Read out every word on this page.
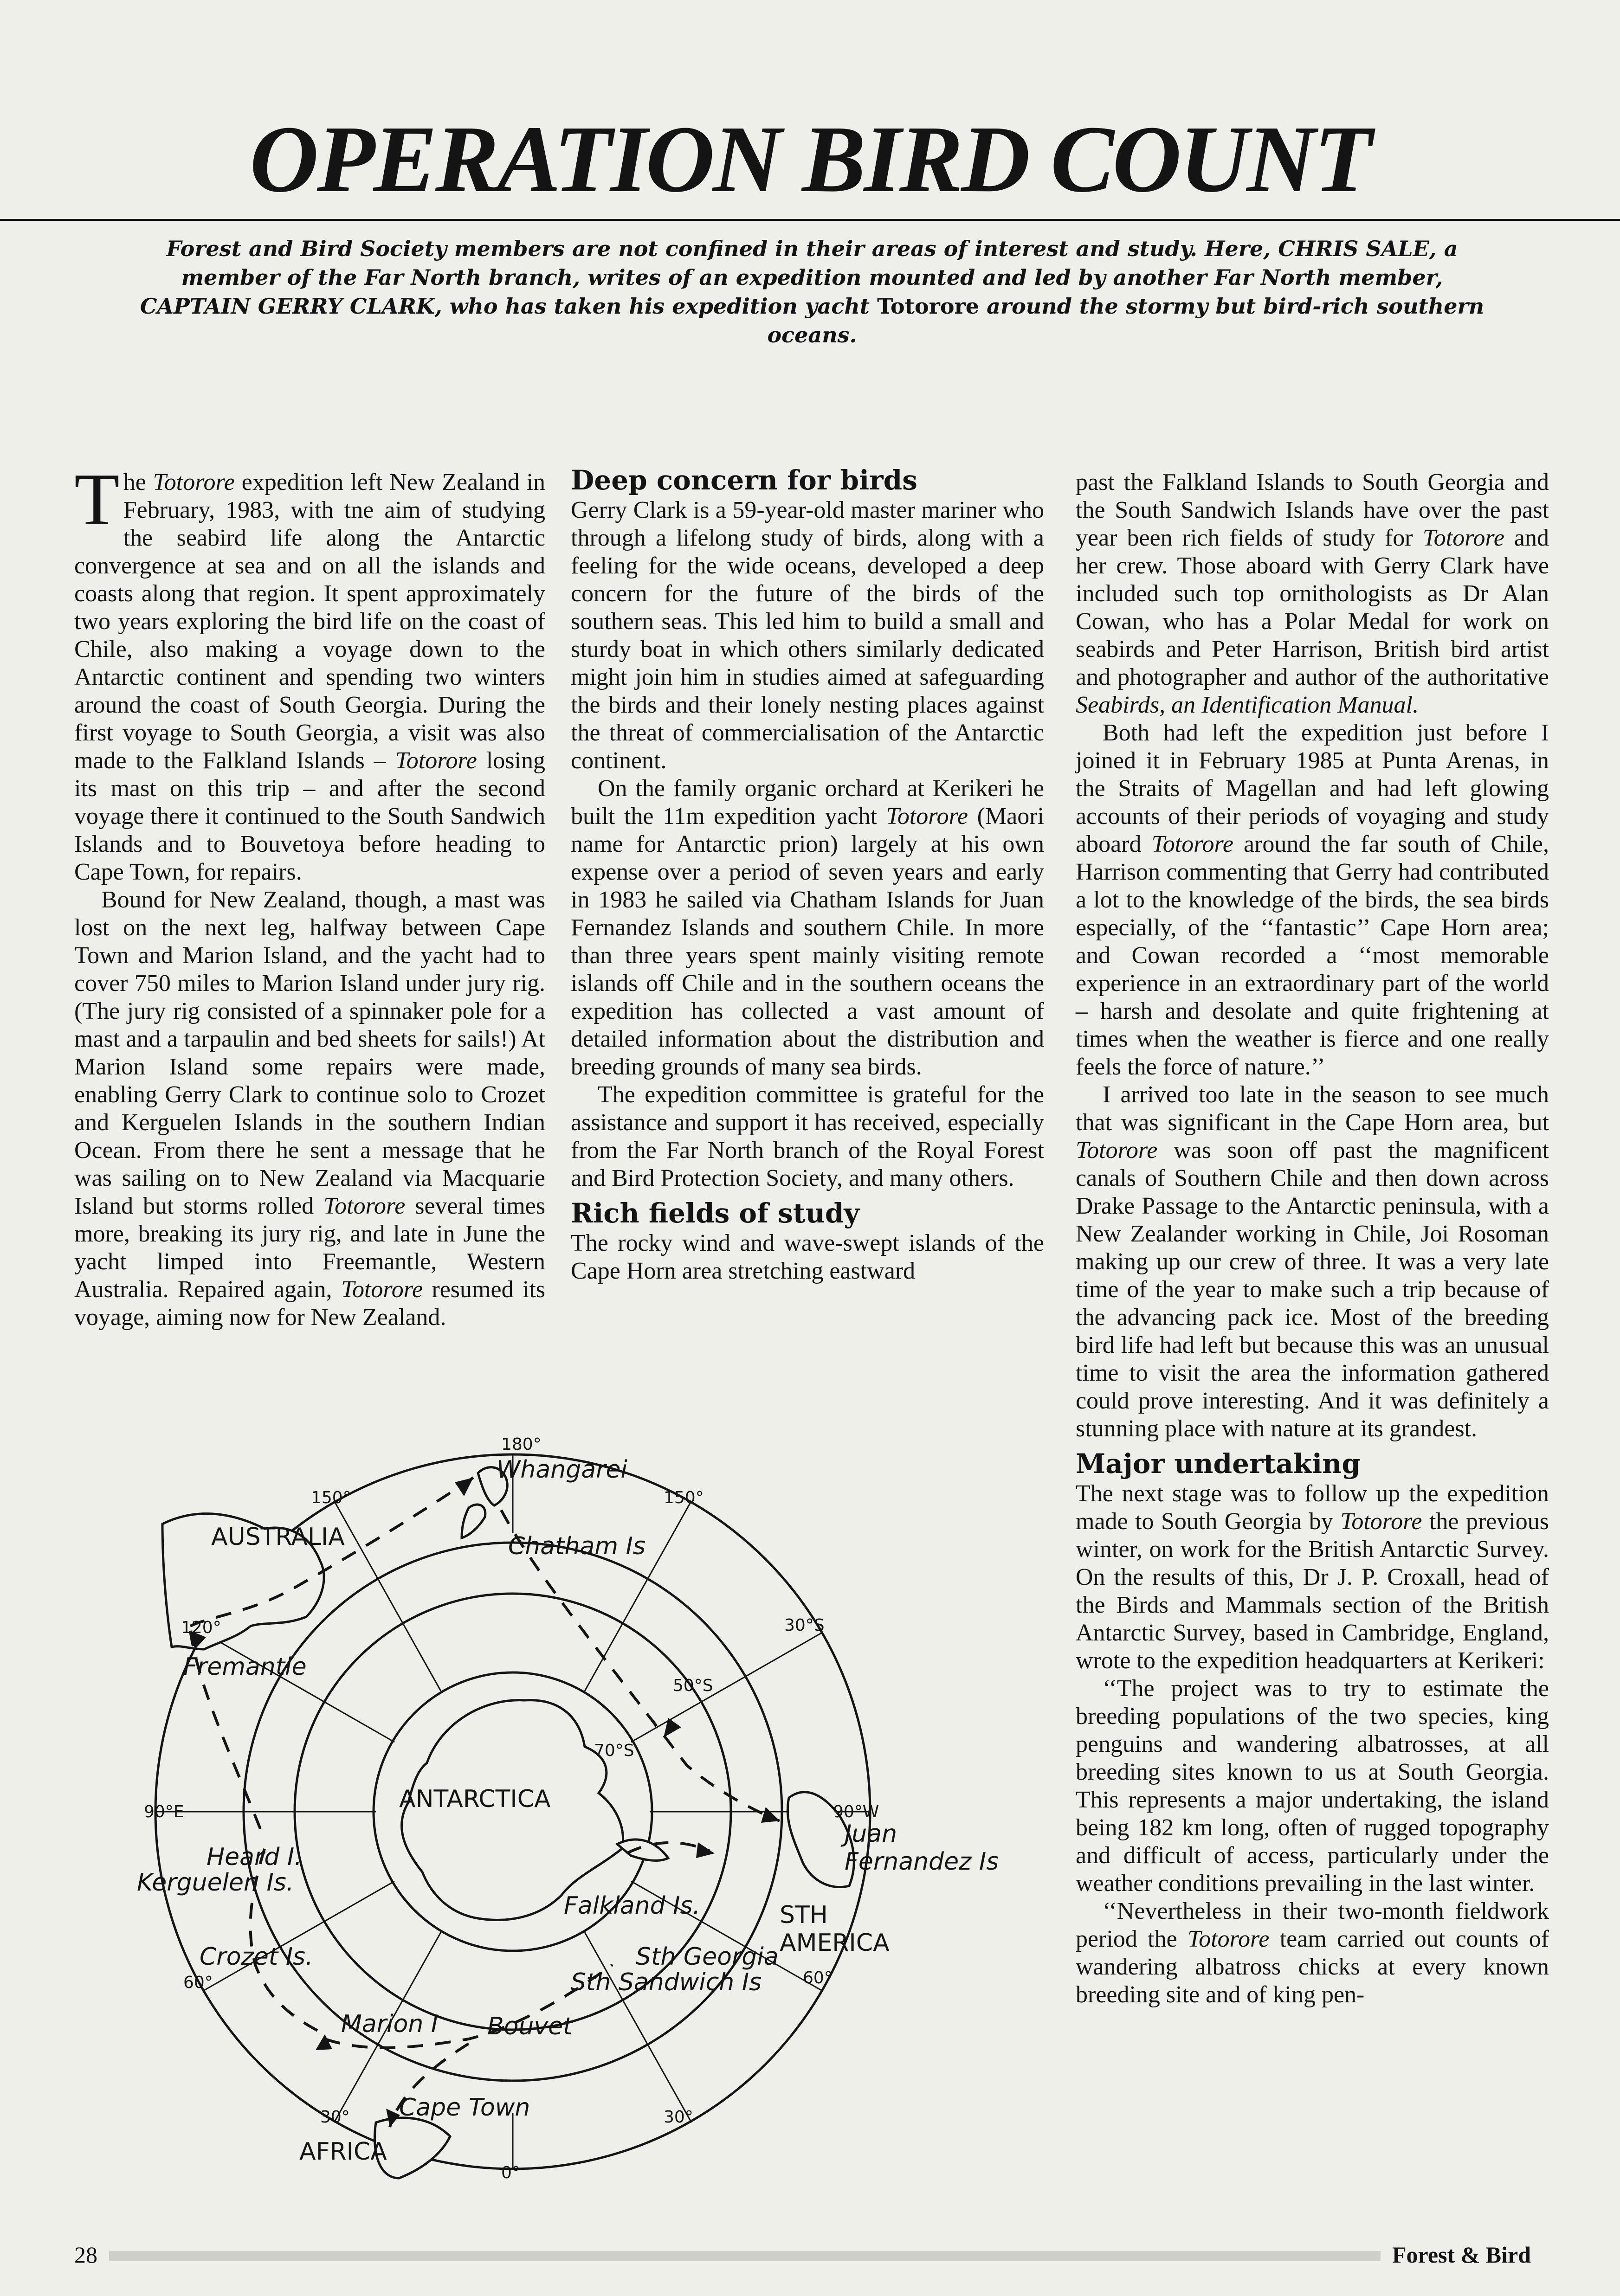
OPERATION BIRD COUNT

Forest and Bird Society members are not confined in their areas of interest and study. Here, CHRIS SALE, a member of the Far North branch, writes of an expedition mounted and led by another Far North member, CAPTAIN GERRY CLARK, who has taken his expedition yacht Totorore around the stormy but bird-rich southern oceans.

The Totorore expedition left New Zealand in February, 1983, with tne aim of studying the seabird life along the Antarctic convergence at sea and on all the islands and coasts along that region. It spent approximately two years exploring the bird life on the coast of Chile, also making a voyage down to the Antarctic continent and spending two winters around the coast of South Georgia. During the first voyage to South Georgia, a visit was also made to the Falkland Islands – Totorore losing its mast on this trip – and after the second voyage there it continued to the South Sandwich Islands and to Bouvetoya before heading to Cape Town, for repairs.

Bound for New Zealand, though, a mast was lost on the next leg, halfway between Cape Town and Marion Island, and the yacht had to cover 750 miles to Marion Island under jury rig. (The jury rig consisted of a spinnaker pole for a mast and a tarpaulin and bed sheets for sails!) At Marion Island some repairs were made, enabling Gerry Clark to continue solo to Crozet and Kerguelen Islands in the southern Indian Ocean. From there he sent a message that he was sailing on to New Zealand via Macquarie Island but storms rolled Totorore several times more, breaking its jury rig, and late in June the yacht limped into Freemantle, Western Australia. Repaired again, Totorore resumed its voyage, aiming now for New Zealand.

Deep concern for birds

Gerry Clark is a 59-year-old master mariner who through a lifelong study of birds, along with a feeling for the wide oceans, developed a deep concern for the future of the birds of the southern seas. This led him to build a small and sturdy boat in which others similarly dedicated might join him in studies aimed at safeguarding the birds and their lonely nesting places against the threat of commercialisation of the Antarctic continent.

On the family organic orchard at Kerikeri he built the 11m expedition yacht Totorore (Maori name for Antarctic prion) largely at his own expense over a period of seven years and early in 1983 he sailed via Chatham Islands for Juan Fernandez Islands and southern Chile. In more than three years spent mainly visiting remote islands off Chile and in the southern oceans the expedition has collected a vast amount of detailed information about the distribution and breeding grounds of many sea birds.

The expedition committee is grateful for the assistance and support it has received, especially from the Far North branch of the Royal Forest and Bird Protection Society, and many others.

Rich fields of study

The rocky wind and wave-swept islands of the Cape Horn area stretching eastward

past the Falkland Islands to South Georgia and the South Sandwich Islands have over the past year been rich fields of study for Totorore and her crew. Those aboard with Gerry Clark have included such top ornithologists as Dr Alan Cowan, who has a Polar Medal for work on seabirds and Peter Harrison, British bird artist and photographer and author of the authoritative Seabirds, an Identification Manual.

Both had left the expedition just before I joined it in February 1985 at Punta Arenas, in the Straits of Magellan and had left glowing accounts of their periods of voyaging and study aboard Totorore around the far south of Chile, Harrison commenting that Gerry had contributed a lot to the knowledge of the birds, the sea birds especially, of the ‘‘fantastic’’ Cape Horn area; and Cowan recorded a ‘‘most memorable experience in an extraordinary part of the world – harsh and desolate and quite frightening at times when the weather is fierce and one really feels the force of nature.’’

I arrived too late in the season to see much that was significant in the Cape Horn area, but Totorore was soon off past the magnificent canals of Southern Chile and then down across Drake Passage to the Antarctic peninsula, with a New Zealander working in Chile, Joi Rosoman making up our crew of three. It was a very late time of the year to make such a trip because of the advancing pack ice. Most of the breeding bird life had left but because this was an unusual time to visit the area the information gathered could prove interesting. And it was definitely a stunning place with nature at its grandest.

Major undertaking

The next stage was to follow up the expedition made to South Georgia by Totorore the previous winter, on work for the British Antarctic Survey. On the results of this, Dr J. P. Croxall, head of the Birds and Mammals section of the British Antarctic Survey, based in Cambridge, England, wrote to the expedition headquarters at Kerikeri:

‘‘The project was to try to estimate the breeding populations of the two species, king penguins and wandering albatrosses, at all breeding sites known to us at South Georgia. This represents a major undertaking, the island being 182 km long, often of rugged topography and difficult of access, particularly under the weather conditions prevailing in the last winter.

‘‘Nevertheless in their two-month fieldwork period the Totorore team carried out counts of wandering albatross chicks at every known breeding site and of king pen-

180°
150°	150°
120°	30°S
50°S
70°S
90°E	90°W
60°	60°
30°	30°
0°
AUSTRALIA
ANTARCTICA
STH
AMERICA
AFRICA
Whangarei
Chatham Is
Fremantle
Juan
Fernandez Is
Heard I.
Kerguelen Is.
Falkland Is.
Crozet Is.	Sth Georgia
Sth Sandwich Is
Marion I Bouvet
Cape Town
28	Forest & Bird
